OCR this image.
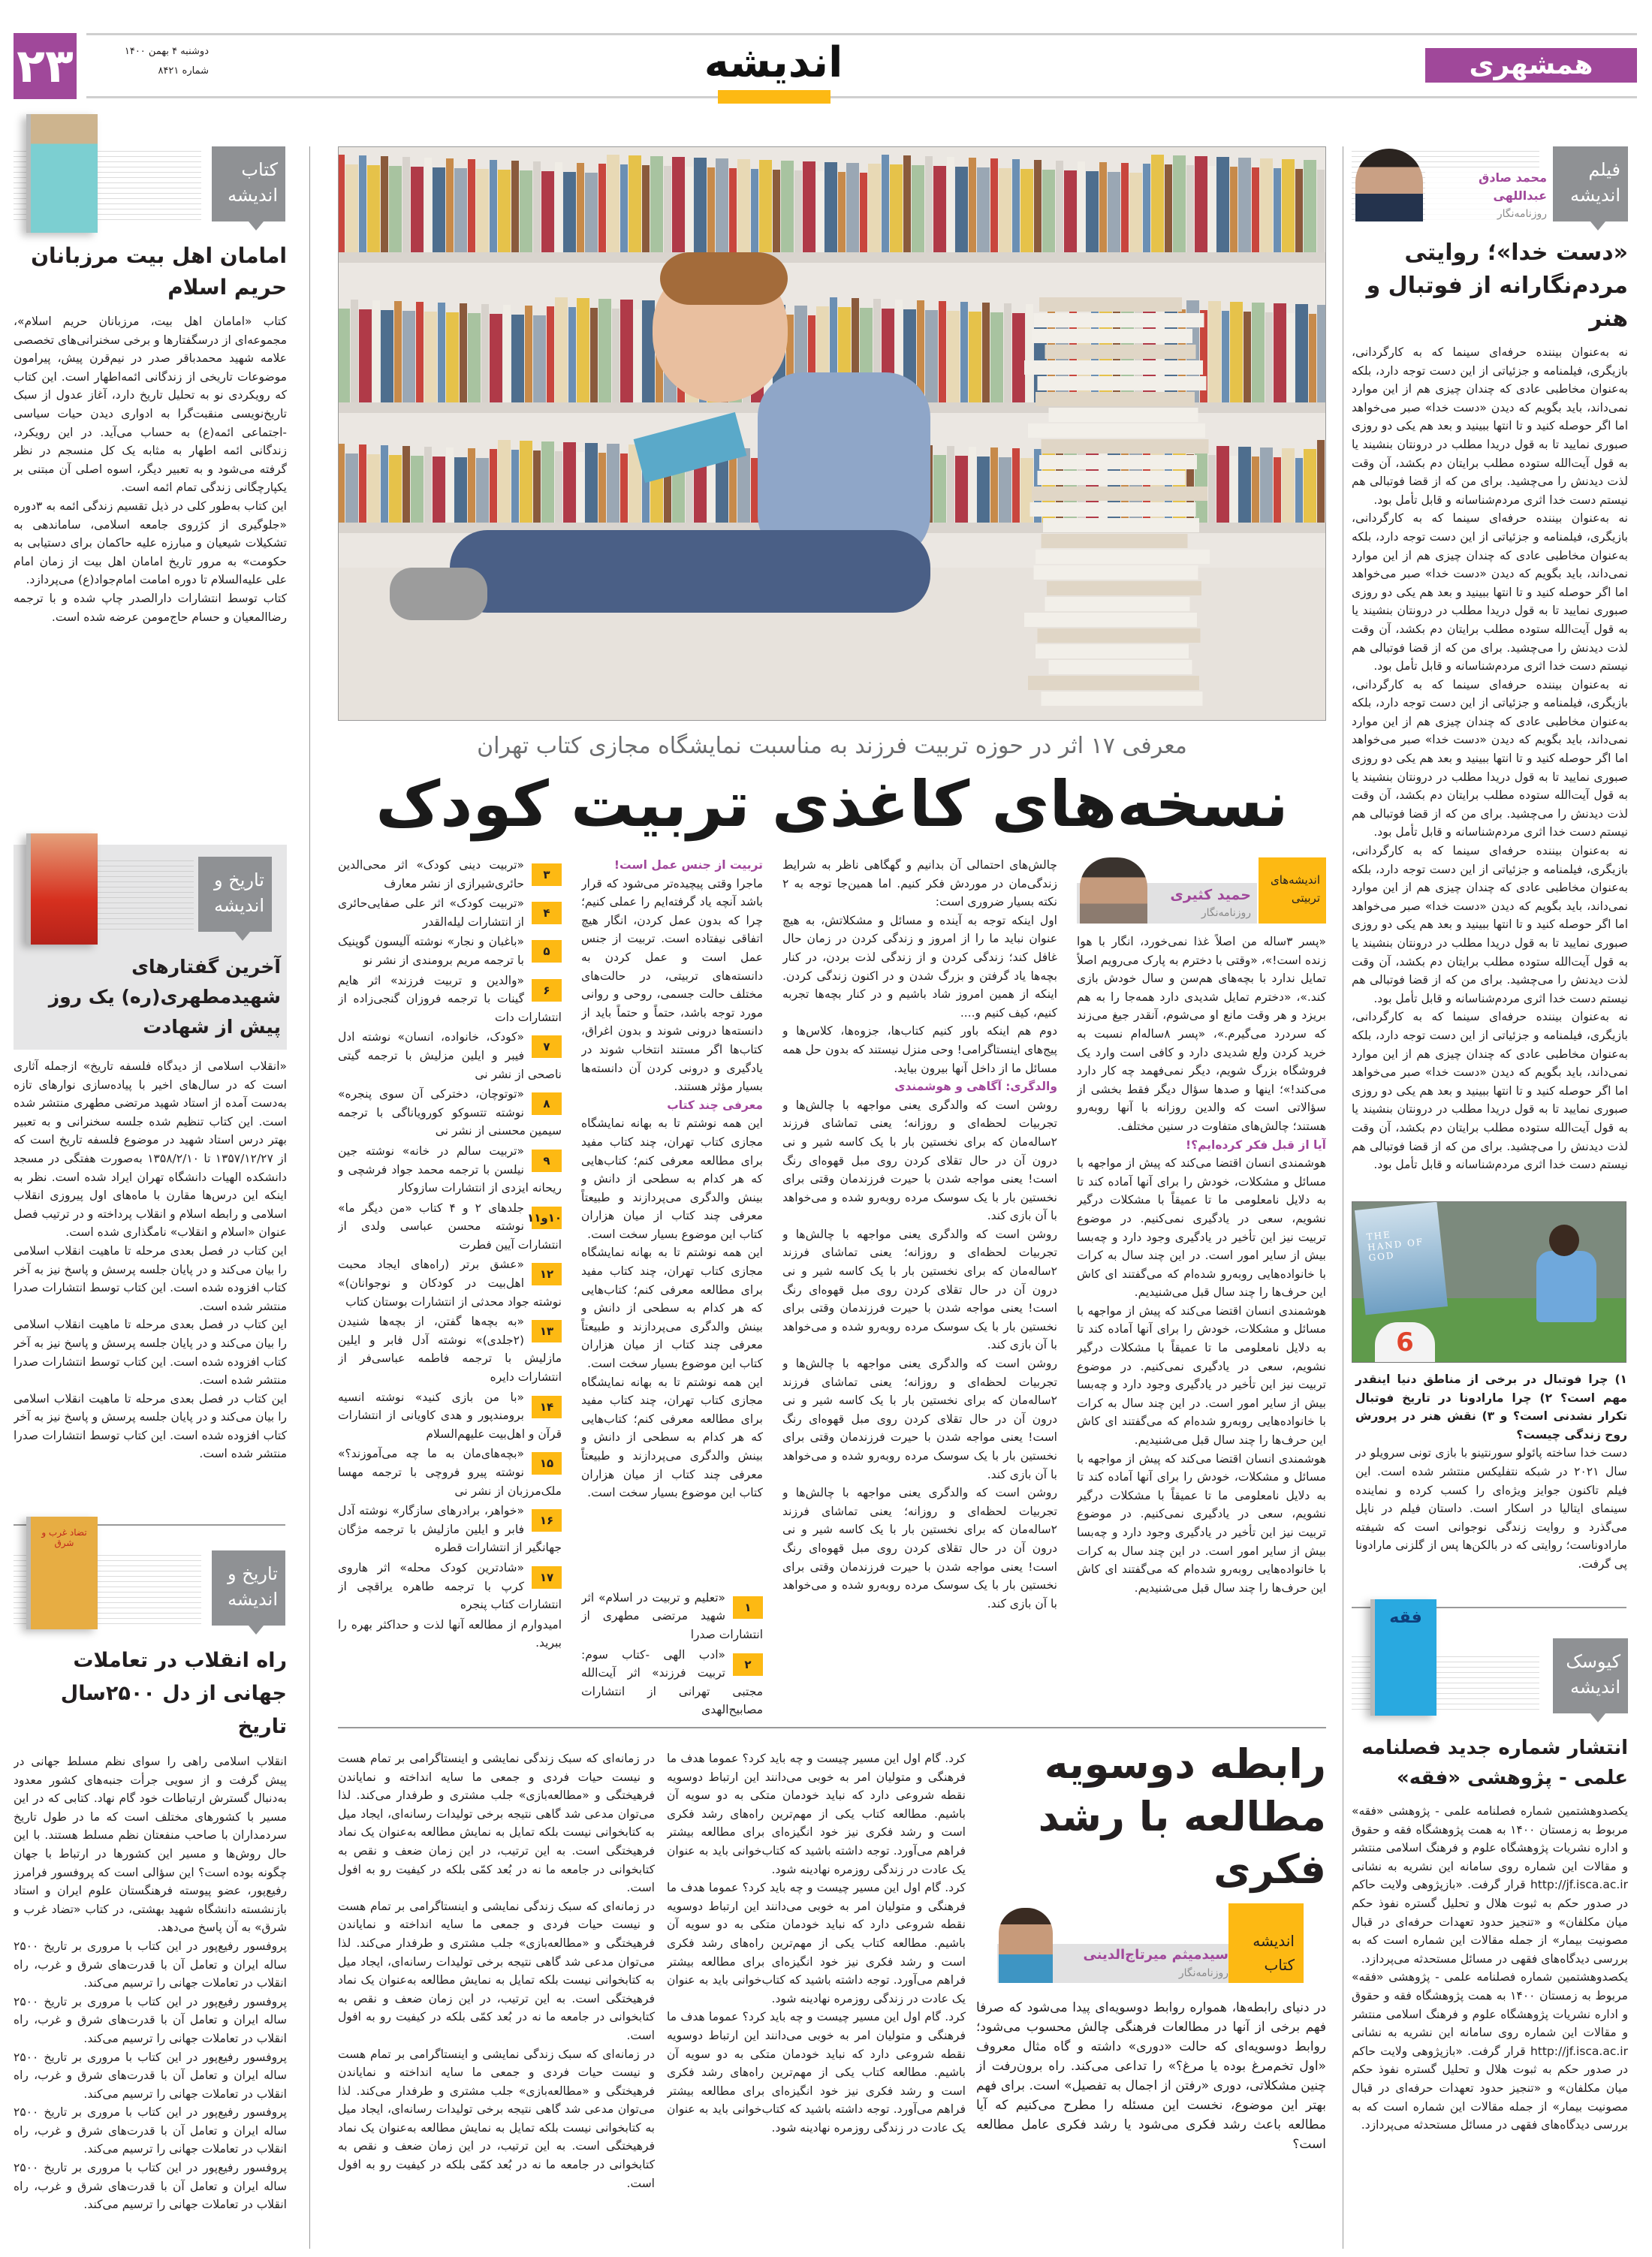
۲۳	دوشنبه ۴ بهمن ۱۴۰۰
شماره ۸۴۲۱	اندیشه	همشهری
معرفی ۱۷ اثر در حوزه تربیت فرزند به مناسبت نمایشگاه مجازی کتاب تهران
نسخه‌های کاغذی تربیت کودک
حمید کثیری
روزنامه‌نگار
اندیشه‌های تربیتی

«پسر ۳ساله من اصلاً غذا نمی‌خورد، انگار با هوا زنده است!»، «وقتی با دخترم به پارک می‌رویم اصلاً تمایل ندارد با بچه‌های هم‌سن و سال خودش بازی کند.»، «دخترم تمایل شدیدی دارد همه‌جا را به هم بریزد و هر وقت مانع او می‌شوم، آنقدر جیغ می‌زند که سردرد می‌گیرم.»، «پسر ۸ساله‌ام نسبت به خرید کردن ولع شدیدی دارد و کافی است وارد یک فروشگاه بزرگ شویم، دیگر نمی‌فهمد چه کار دارد می‌کند!»؛ اینها و صدها سؤال دیگر فقط بخشی از سؤالاتی است که والدین روزانه با آنها روبه‌رو هستند؛ چالش‌های متفاوت در سنین مختلف.

آیا از قبل فکر کرده‌ایم؟!

هوشمندی انسان اقتضا می‌کند که پیش از مواجهه با مسائل و مشکلات، خودش را برای آنها آماده کند تا به دلایل نامعلومی ما تا عمیقاً با مشکلات درگیر نشویم، سعی در یادگیری نمی‌کنیم. در موضوع تربیت نیز این تأخیر در یادگیری وجود دارد و چه‌بسا بیش از سایر امور است. در این چند سال به کرات با خانواده‌هایی روبه‌رو شده‌ام که می‌گفتند ای کاش این حرف‌ها را چند سال قبل می‌شنیدیم.

هوشمندی انسان اقتضا می‌کند که پیش از مواجهه با مسائل و مشکلات، خودش را برای آنها آماده کند تا به دلایل نامعلومی ما تا عمیقاً با مشکلات درگیر نشویم، سعی در یادگیری نمی‌کنیم. در موضوع تربیت نیز این تأخیر در یادگیری وجود دارد و چه‌بسا بیش از سایر امور است. در این چند سال به کرات با خانواده‌هایی روبه‌رو شده‌ام که می‌گفتند ای کاش این حرف‌ها را چند سال قبل می‌شنیدیم.

هوشمندی انسان اقتضا می‌کند که پیش از مواجهه با مسائل و مشکلات، خودش را برای آنها آماده کند تا به دلایل نامعلومی ما تا عمیقاً با مشکلات درگیر نشویم، سعی در یادگیری نمی‌کنیم. در موضوع تربیت نیز این تأخیر در یادگیری وجود دارد و چه‌بسا بیش از سایر امور است. در این چند سال به کرات با خانواده‌هایی روبه‌رو شده‌ام که می‌گفتند ای کاش این حرف‌ها را چند سال قبل می‌شنیدیم.

چالش‌های احتمالی آن بدانیم و گهگاهی ناظر به شرایط زندگی‌مان در موردش فکر کنیم. اما همین‌جا توجه به ۲ نکته بسیار ضروری است:

اول اینکه توجه به آینده و مسائل و مشکلاتش، به هیچ عنوان نباید ما را از امروز و زندگی کردن در زمان حال غافل کند؛ زندگی کردن و از زندگی لذت بردن، در کنار بچه‌ها یاد گرفتن و بزرگ شدن و در اکنون زندگی کردن. اینکه از همین امروز شاد باشیم و در کنار بچه‌ها تجربه کنیم، کیف کنیم و....

دوم هم اینکه باور کنیم کتاب‌ها، جزوه‌ها، کلاس‌ها و پیج‌های اینستاگرامی! وحی منزل نیستند که بدون حل همه مسائل ما از داخل آنها بیرون بیاید.

والدگری: آگاهی و هوشمندی

روشن است که والدگری یعنی مواجهه با چالش‌ها و تجربیات لحظه‌ای و روزانه؛ یعنی تماشای فرزند ۲ساله‌مان که برای نخستین بار با یک کاسه شیر و نی درون آن در حال تقلای کردن روی مبل قهوه‌ای رنگ است! یعنی مواجه شدن با حیرت فرزندمان وقتی برای نخستین بار با یک سوسک مرده روبه‌رو شده و می‌خواهد با آن بازی کند.

روشن است که والدگری یعنی مواجهه با چالش‌ها و تجربیات لحظه‌ای و روزانه؛ یعنی تماشای فرزند ۲ساله‌مان که برای نخستین بار با یک کاسه شیر و نی درون آن در حال تقلای کردن روی مبل قهوه‌ای رنگ است! یعنی مواجه شدن با حیرت فرزندمان وقتی برای نخستین بار با یک سوسک مرده روبه‌رو شده و می‌خواهد با آن بازی کند.

روشن است که والدگری یعنی مواجهه با چالش‌ها و تجربیات لحظه‌ای و روزانه؛ یعنی تماشای فرزند ۲ساله‌مان که برای نخستین بار با یک کاسه شیر و نی درون آن در حال تقلای کردن روی مبل قهوه‌ای رنگ است! یعنی مواجه شدن با حیرت فرزندمان وقتی برای نخستین بار با یک سوسک مرده روبه‌رو شده و می‌خواهد با آن بازی کند.

روشن است که والدگری یعنی مواجهه با چالش‌ها و تجربیات لحظه‌ای و روزانه؛ یعنی تماشای فرزند ۲ساله‌مان که برای نخستین بار با یک کاسه شیر و نی درون آن در حال تقلای کردن روی مبل قهوه‌ای رنگ است! یعنی مواجه شدن با حیرت فرزندمان وقتی برای نخستین بار با یک سوسک مرده روبه‌رو شده و می‌خواهد با آن بازی کند.

تربیت از جنس عمل است!

ماجرا وقتی پیچیده‌تر می‌شود که قرار باشد آنچه یاد گرفته‌ایم را عملی کنیم؛ چرا که بدون عمل کردن، انگار هیچ اتفاقی نیفتاده است. تربیت از جنس عمل است و عمل کردن به دانسته‌های تربیتی، در حالت‌های مختلف حالت جسمی، روحی و روانی مورد توجه باشد، حتماً و حتماً باید از دانسته‌ها درونی شوند و بدون اغراق، کتاب‌ها اگر مستند انتخاب شوند در یادگیری و درونی کردن آن دانسته‌ها بسیار مؤثر هستند.

معرفی چند کتاب

این همه نوشتم تا به بهانه نمایشگاه مجازی کتاب تهران، چند کتاب مفید برای مطالعه معرفی کنم؛ کتاب‌هایی که هر کدام به سطحی از دانش و بینش والدگری می‌پردازند و طبیعتاً معرفی چند کتاب از میان هزاران کتاب این موضوع بسیار سخت است.

این همه نوشتم تا به بهانه نمایشگاه مجازی کتاب تهران، چند کتاب مفید برای مطالعه معرفی کنم؛ کتاب‌هایی که هر کدام به سطحی از دانش و بینش والدگری می‌پردازند و طبیعتاً معرفی چند کتاب از میان هزاران کتاب این موضوع بسیار سخت است.

این همه نوشتم تا به بهانه نمایشگاه مجازی کتاب تهران، چند کتاب مفید برای مطالعه معرفی کنم؛ کتاب‌هایی که هر کدام به سطحی از دانش و بینش والدگری می‌پردازند و طبیعتاً معرفی چند کتاب از میان هزاران کتاب این موضوع بسیار سخت است.

۱
«تعلیم و تربیت در اسلام» اثر شهید مرتضی مطهری از انتشارات صدرا
۲
«ادب الهی -کتاب سوم: تربیت فرزند» اثر آیت‌الله مجتبی تهرانی از انتشارات مصابیح‌الهدی
۳
«تربیت دینی کودک» اثر محی‌الدین حائری‌شیرازی از نشر معارف
۴
«تربیت کودک» اثر علی صفایی‌حائری از انتشارات لیله‌القدر
۵
«باغبان و نجار» نوشته آلیسون گوپنیک با ترجمه مریم برومندی از نشر نو
۶
«والدین و تربیت فرزند» اثر هایم گینات با ترجمه فروزان گنجی‌زاده از انتشارات دات
۷
«کودک، خانواده، انسان» نوشته ادل فیبر و ایلین مزلیش با ترجمه گیتی ناصحی از نشر نی
۸
«توتوچان، دخترکی آن سوی پنجره» نوشته تتسوکو کورویاناگی با ترجمه سیمین محسنی از نشر نی
۹
«تربیت سالم در خانه» نوشته جین نیلسن با ترجمه محمد جواد فرشچی و ریحانه ایزدی از انتشارات سازوکار
۱۰و۱۱
جلدهای ۲ و ۴ کتاب «من دیگر ما» نوشته محسن عباسی ولدی از انتشارات آیین فطرت
۱۲
«عشق برتر (راه‌های ایجاد محبت اهل‌بیت در کودکان و نوجوانان)» نوشته جواد محدثی از انتشارات بوستان کتاب
۱۳
«به بچه‌ها گفتن، از بچه‌ها شنیدن (۲جلدی)» نوشته آدل فابر و ایلین مازلیش با ترجمه فاطمه عباسی‌فر از انتشارات دایره
۱۴
«با من بازی کنید» نوشته انسیه برومندپور و هدی کاویانی از انتشارات قرآن و اهل‌بیت علیهم‌السلام
۱۵
«بچه‌های‌مان به ما چه می‌آموزند؟» نوشته پیرو فروچی با ترجمه مهسا ملک‌مرزبان از نشر نی
۱۶
«خواهر، برادرهای سازگار» نوشته آدل فابر و ایلین مازلیش با ترجمه مژگان جهانگیر از انتشارات قطره
۱۷
«شادترین کودک محله» اثر هاروی کرپ با ترجمه طاهره یراقچی از انتشارات کتاب پنجره
امیدوارم از مطالعه آنها لذت و حداکثر بهره را ببرید.
محمد صادق عبداللهی
روزنامه‌نگار
فیلم
اندیشه
«دست خدا»؛ روایتی مردم‌نگارانه از فوتبال و هنر

نه به‌عنوان بیننده حرفه‌ای سینما که به کارگردانی، بازیگری، فیلمنامه و جزئیاتی از این دست توجه دارد، بلکه به‌عنوان مخاطبی عادی که چندان چیزی هم از این موارد نمی‌داند، باید بگویم که دیدن «دست خدا» صبر می‌خواهد اما اگر حوصله کنید و تا انتها ببینید و بعد هم یکی دو روزی صبوری نمایید تا به قول دریدا مطلب در درونتان بنشیند یا به قول آیت‌الله ستوده مطلب برایتان دم بکشد، آن وقت لذت دیدنش را می‌چشید. برای من که از قضا فوتبالی هم نیستم دست خدا اثری مردم‌شناسانه و قابل تأمل بود.

نه به‌عنوان بیننده حرفه‌ای سینما که به کارگردانی، بازیگری، فیلمنامه و جزئیاتی از این دست توجه دارد، بلکه به‌عنوان مخاطبی عادی که چندان چیزی هم از این موارد نمی‌داند، باید بگویم که دیدن «دست خدا» صبر می‌خواهد اما اگر حوصله کنید و تا انتها ببینید و بعد هم یکی دو روزی صبوری نمایید تا به قول دریدا مطلب در درونتان بنشیند یا به قول آیت‌الله ستوده مطلب برایتان دم بکشد، آن وقت لذت دیدنش را می‌چشید. برای من که از قضا فوتبالی هم نیستم دست خدا اثری مردم‌شناسانه و قابل تأمل بود.

نه به‌عنوان بیننده حرفه‌ای سینما که به کارگردانی، بازیگری، فیلمنامه و جزئیاتی از این دست توجه دارد، بلکه به‌عنوان مخاطبی عادی که چندان چیزی هم از این موارد نمی‌داند، باید بگویم که دیدن «دست خدا» صبر می‌خواهد اما اگر حوصله کنید و تا انتها ببینید و بعد هم یکی دو روزی صبوری نمایید تا به قول دریدا مطلب در درونتان بنشیند یا به قول آیت‌الله ستوده مطلب برایتان دم بکشد، آن وقت لذت دیدنش را می‌چشید. برای من که از قضا فوتبالی هم نیستم دست خدا اثری مردم‌شناسانه و قابل تأمل بود.

نه به‌عنوان بیننده حرفه‌ای سینما که به کارگردانی، بازیگری، فیلمنامه و جزئیاتی از این دست توجه دارد، بلکه به‌عنوان مخاطبی عادی که چندان چیزی هم از این موارد نمی‌داند، باید بگویم که دیدن «دست خدا» صبر می‌خواهد اما اگر حوصله کنید و تا انتها ببینید و بعد هم یکی دو روزی صبوری نمایید تا به قول دریدا مطلب در درونتان بنشیند یا به قول آیت‌الله ستوده مطلب برایتان دم بکشد، آن وقت لذت دیدنش را می‌چشید. برای من که از قضا فوتبالی هم نیستم دست خدا اثری مردم‌شناسانه و قابل تأمل بود.

نه به‌عنوان بیننده حرفه‌ای سینما که به کارگردانی، بازیگری، فیلمنامه و جزئیاتی از این دست توجه دارد، بلکه به‌عنوان مخاطبی عادی که چندان چیزی هم از این موارد نمی‌داند، باید بگویم که دیدن «دست خدا» صبر می‌خواهد اما اگر حوصله کنید و تا انتها ببینید و بعد هم یکی دو روزی صبوری نمایید تا به قول دریدا مطلب در درونتان بنشیند یا به قول آیت‌الله ستوده مطلب برایتان دم بکشد، آن وقت لذت دیدنش را می‌چشید. برای من که از قضا فوتبالی هم نیستم دست خدا اثری مردم‌شناسانه و قابل تأمل بود.

THE HAND OF GOD
6
۱) چرا فوتبال در برخی از مناطق دنیا اینقدر مهم است؟ ۲) چرا مارادونا در تاریخ فوتبال تکرار نشدنی است؟ و ۳) نقش هنر در پرورش روح زندگی چیست؟

دست خدا ساخته پائولو سورنتینو با بازی تونی سرویلو در سال ۲۰۲۱ در شبکه نتفلیکس منتشر شده است. این فیلم تاکنون جوایز ویژه‌ای را کسب کرده و نماینده سینمای ایتالیا در اسکار است. داستان فیلم در ناپل می‌گذرد و روایت زندگی نوجوانی است که شیفته مارادوناست؛ روایتی که در بالکن‌ها پس از گلزنی مارادونا پی گرفت.

فقه
کیوسک
اندیشه
انتشار شماره جدید فصلنامه علمی - پژوهشی «فقه»

یکصدوهشتمین شماره فصلنامه علمی - پژوهشی «فقه» مربوط به زمستان ۱۴۰۰ به همت پژوهشگاه فقه و حقوق و اداره نشریات پژوهشگاه علوم و فرهنگ اسلامی منتشر و مقالات این شماره روی سامانه این نشریه به نشانی http://jf.isca.ac.ir قرار گرفت. «بازپژوهی ولایت حاکم در صدور حکم به ثبوت هلال و تحلیل گستره نفوذ حکم میان مکلفان» و «تنجیز حدود تعهدات حرفه‌ای در قبال مصونیت بیمار» از جمله مقالات این شماره است که به بررسی دیدگاه‌های فقهی در مسائل مستحدثه می‌پردازد.

یکصدوهشتمین شماره فصلنامه علمی - پژوهشی «فقه» مربوط به زمستان ۱۴۰۰ به همت پژوهشگاه فقه و حقوق و اداره نشریات پژوهشگاه علوم و فرهنگ اسلامی منتشر و مقالات این شماره روی سامانه این نشریه به نشانی http://jf.isca.ac.ir قرار گرفت. «بازپژوهی ولایت حاکم در صدور حکم به ثبوت هلال و تحلیل گستره نفوذ حکم میان مکلفان» و «تنجیز حدود تعهدات حرفه‌ای در قبال مصونیت بیمار» از جمله مقالات این شماره است که به بررسی دیدگاه‌های فقهی در مسائل مستحدثه می‌پردازد.

کتاب
اندیشه
امامان اهل بیت مرزبانان حریم اسلام

کتاب «امامان اهل بیت، مرزبانان حریم اسلام»، مجموعه‌ای از درسگفتارها و برخی سخنرانی‌های تخصصی علامه شهید محمدباقر صدر در نیم‌قرن پیش، پیرامون موضوعات تاریخی از زندگانی ائمه‌اطهار است. این کتاب که رویکردی نو به تحلیل تاریخ دارد، آغاز عدول از سبک تاریخ‌نویسی منقبت‌گرا به ادواری دیدن حیات سیاسی -اجتماعی ائمه(ع) به حساب می‌آید. در این رویکرد، زندگانی ائمه اطهار به مثابه یک کل منسجم در نظر گرفته می‌شود و به تعبیر دیگر، اسوه اصلی آن مبتنی بر یکپارچگانی زندگی تمام ائمه است.

این کتاب به‌طور کلی در ذیل تقسیم زندگی ائمه به ۳دوره «جلوگیری از کژروی جامعه اسلامی، ساماندهی به تشکیلات شیعیان و مبارزه علیه حاکمان برای دستیابی به حکومت» به مرور تاریخ امامان اهل بیت از زمان امام علی علیه‌السلام تا دوره امامت امام‌جواد(ع) می‌پردازد.

کتاب توسط انتشارات دارالصدر چاپ شده و با ترجمه رضاالمعیان و حسام حاج‌مومن عرضه شده است.

تاریخ و
اندیشه
آخرین گفتارهای شهیدمطهری(ره) یک روز پیش از شهادت

«انقلاب اسلامی از دیدگاه فلسفه تاریخ» ازجمله آثاری است که در سال‌های اخیر با پیاده‌سازی نوارهای تازه به‌دست آمده از استاد شهید مرتضی مطهری منتشر شده است. این کتاب تنظیم شده جلسه سخنرانی و به تعبیر بهتر درس استاد شهید در موضوع فلسفه تاریخ است که از ۱۳۵۷/۱۲/۲۷ تا ۱۳۵۸/۲/۱۰ به‌صورت هفتگی در مسجد دانشکده الهیات دانشگاه تهران ایراد شده است. نظر به اینکه این درس‌ها مقارن با ماه‌های اول پیروزی انقلاب اسلامی و رابطه اسلام و انقلاب پرداخته و در ترتیب فصل عنوان «اسلام و انقلاب» نامگذاری شده است.

این کتاب در فصل بعدی مرحله تا ماهیت انقلاب اسلامی را بیان می‌کند و در پایان جلسه پرسش و پاسخ نیز به آخر کتاب افزوده شده است. این کتاب توسط انتشارات صدرا منتشر شده است.

این کتاب در فصل بعدی مرحله تا ماهیت انقلاب اسلامی را بیان می‌کند و در پایان جلسه پرسش و پاسخ نیز به آخر کتاب افزوده شده است. این کتاب توسط انتشارات صدرا منتشر شده است.

این کتاب در فصل بعدی مرحله تا ماهیت انقلاب اسلامی را بیان می‌کند و در پایان جلسه پرسش و پاسخ نیز به آخر کتاب افزوده شده است. این کتاب توسط انتشارات صدرا منتشر شده است.

تضاد غرب و شرق
تاریخ و
اندیشه
راه انقلاب در تعاملات جهانی از دل ۲۵۰۰سال تاریخ

انقلاب اسلامی راهی را سوای نظم مسلط جهانی در پیش گرفت و از سویی جرأت جنبه‌های کشور معدود به‌دنبال گسترش ارتباطات خود گام نهاد. کتابی که در این مسیر با کشورهای مختلف است که ما در طول تاریخ سردمداران با صاحب منفعتان نظم مسلط هستند. با این حال روش‌ها و مسیر این کشورها در ارتباط با جهان چگونه بوده است؟ این سؤالی است که پروفسور فرامرز رفیع‌پور، عضو پیوسته فرهنگستان علوم ایران و استاد بازنشسته دانشگاه شهید بهشتی، در کتاب «تضاد غرب و شرق» به آن پاسخ می‌دهد.

پروفسور رفیع‌پور در این کتاب با مروری بر تاریخ ۲۵۰۰ ساله ایران و تعامل آن با قدرت‌های شرق و غرب، راه انقلاب در تعاملات جهانی را ترسیم می‌کند.

پروفسور رفیع‌پور در این کتاب با مروری بر تاریخ ۲۵۰۰ ساله ایران و تعامل آن با قدرت‌های شرق و غرب، راه انقلاب در تعاملات جهانی را ترسیم می‌کند.

پروفسور رفیع‌پور در این کتاب با مروری بر تاریخ ۲۵۰۰ ساله ایران و تعامل آن با قدرت‌های شرق و غرب، راه انقلاب در تعاملات جهانی را ترسیم می‌کند.

پروفسور رفیع‌پور در این کتاب با مروری بر تاریخ ۲۵۰۰ ساله ایران و تعامل آن با قدرت‌های شرق و غرب، راه انقلاب در تعاملات جهانی را ترسیم می‌کند.

پروفسور رفیع‌پور در این کتاب با مروری بر تاریخ ۲۵۰۰ ساله ایران و تعامل آن با قدرت‌های شرق و غرب، راه انقلاب در تعاملات جهانی را ترسیم می‌کند.

رابطه دوسویه مطالعه با رشد فکری
سیدمیثم میرتاج‌الدینی
روزنامه‌نگار
اندیشه
کتاب

در دنیای رابطه‌ها، همواره روابط دوسویه‌ای پیدا می‌شود که صرفا فهم برخی از آنها در مطالعات فرهنگی چالش محسوب می‌شود؛ روابط دوسویه‌ای که حالت «دوری» داشته و گاه مثال معروف «اول تخم‌مرغ بوده یا مرغ؟» را تداعی می‌کند. راه برون‌رفت از چنین مشکلاتی، دوری «رفتن از اجمال به تفصیل» است. برای فهم بهتر این موضوع، نخست این مسئله را مطرح می‌کنیم که آیا مطالعه باعث رشد فکری می‌شود یا رشد فکری عامل مطالعه است؟

کرد. گام اول این مسیر چیست و چه باید کرد؟ عموما هدف ما فرهنگی و متولیان امر به خوبی می‌دانند این ارتباط دوسویه نقطه شروعی دارد که نباید خودمان متکی به دو سویه آن باشیم. مطالعه کتاب یکی از مهم‌ترین راه‌های رشد فکری است و رشد فکری نیز خود انگیزه‌ای برای مطالعه بیشتر فراهم می‌آورد. توجه داشته باشید که کتاب‌خوانی باید به عنوان یک عادت در زندگی روزمره نهادینه شود.

کرد. گام اول این مسیر چیست و چه باید کرد؟ عموما هدف ما فرهنگی و متولیان امر به خوبی می‌دانند این ارتباط دوسویه نقطه شروعی دارد که نباید خودمان متکی به دو سویه آن باشیم. مطالعه کتاب یکی از مهم‌ترین راه‌های رشد فکری است و رشد فکری نیز خود انگیزه‌ای برای مطالعه بیشتر فراهم می‌آورد. توجه داشته باشید که کتاب‌خوانی باید به عنوان یک عادت در زندگی روزمره نهادینه شود.

کرد. گام اول این مسیر چیست و چه باید کرد؟ عموما هدف ما فرهنگی و متولیان امر به خوبی می‌دانند این ارتباط دوسویه نقطه شروعی دارد که نباید خودمان متکی به دو سویه آن باشیم. مطالعه کتاب یکی از مهم‌ترین راه‌های رشد فکری است و رشد فکری نیز خود انگیزه‌ای برای مطالعه بیشتر فراهم می‌آورد. توجه داشته باشید که کتاب‌خوانی باید به عنوان یک عادت در زندگی روزمره نهادینه شود.

در زمانه‌ای که سبک زندگی نمایشی و اینستاگرامی بر تمام هست و نیست حیات فردی و جمعی ما سایه انداخته و نمایاندن فرهیختگی و «مطالعه‌بازی» جلب مشتری و طرفدار می‌کند. لذا می‌توان مدعی شد گاهی نتیجه برخی تولیدات رسانه‌ای، ایجاد میل به کتابخوانی نیست بلکه تمایل به نمایش مطالعه به‌عنوان یک نماد فرهیختگی است. به این ترتیب، در این زمان ضعف و نقص به کتابخوانی در جامعه ما نه در بُعد کمّی بلکه در کیفیت رو به افول است.

در زمانه‌ای که سبک زندگی نمایشی و اینستاگرامی بر تمام هست و نیست حیات فردی و جمعی ما سایه انداخته و نمایاندن فرهیختگی و «مطالعه‌بازی» جلب مشتری و طرفدار می‌کند. لذا می‌توان مدعی شد گاهی نتیجه برخی تولیدات رسانه‌ای، ایجاد میل به کتابخوانی نیست بلکه تمایل به نمایش مطالعه به‌عنوان یک نماد فرهیختگی است. به این ترتیب، در این زمان ضعف و نقص به کتابخوانی در جامعه ما نه در بُعد کمّی بلکه در کیفیت رو به افول است.

در زمانه‌ای که سبک زندگی نمایشی و اینستاگرامی بر تمام هست و نیست حیات فردی و جمعی ما سایه انداخته و نمایاندن فرهیختگی و «مطالعه‌بازی» جلب مشتری و طرفدار می‌کند. لذا می‌توان مدعی شد گاهی نتیجه برخی تولیدات رسانه‌ای، ایجاد میل به کتابخوانی نیست بلکه تمایل به نمایش مطالعه به‌عنوان یک نماد فرهیختگی است. به این ترتیب، در این زمان ضعف و نقص به کتابخوانی در جامعه ما نه در بُعد کمّی بلکه در کیفیت رو به افول است.
